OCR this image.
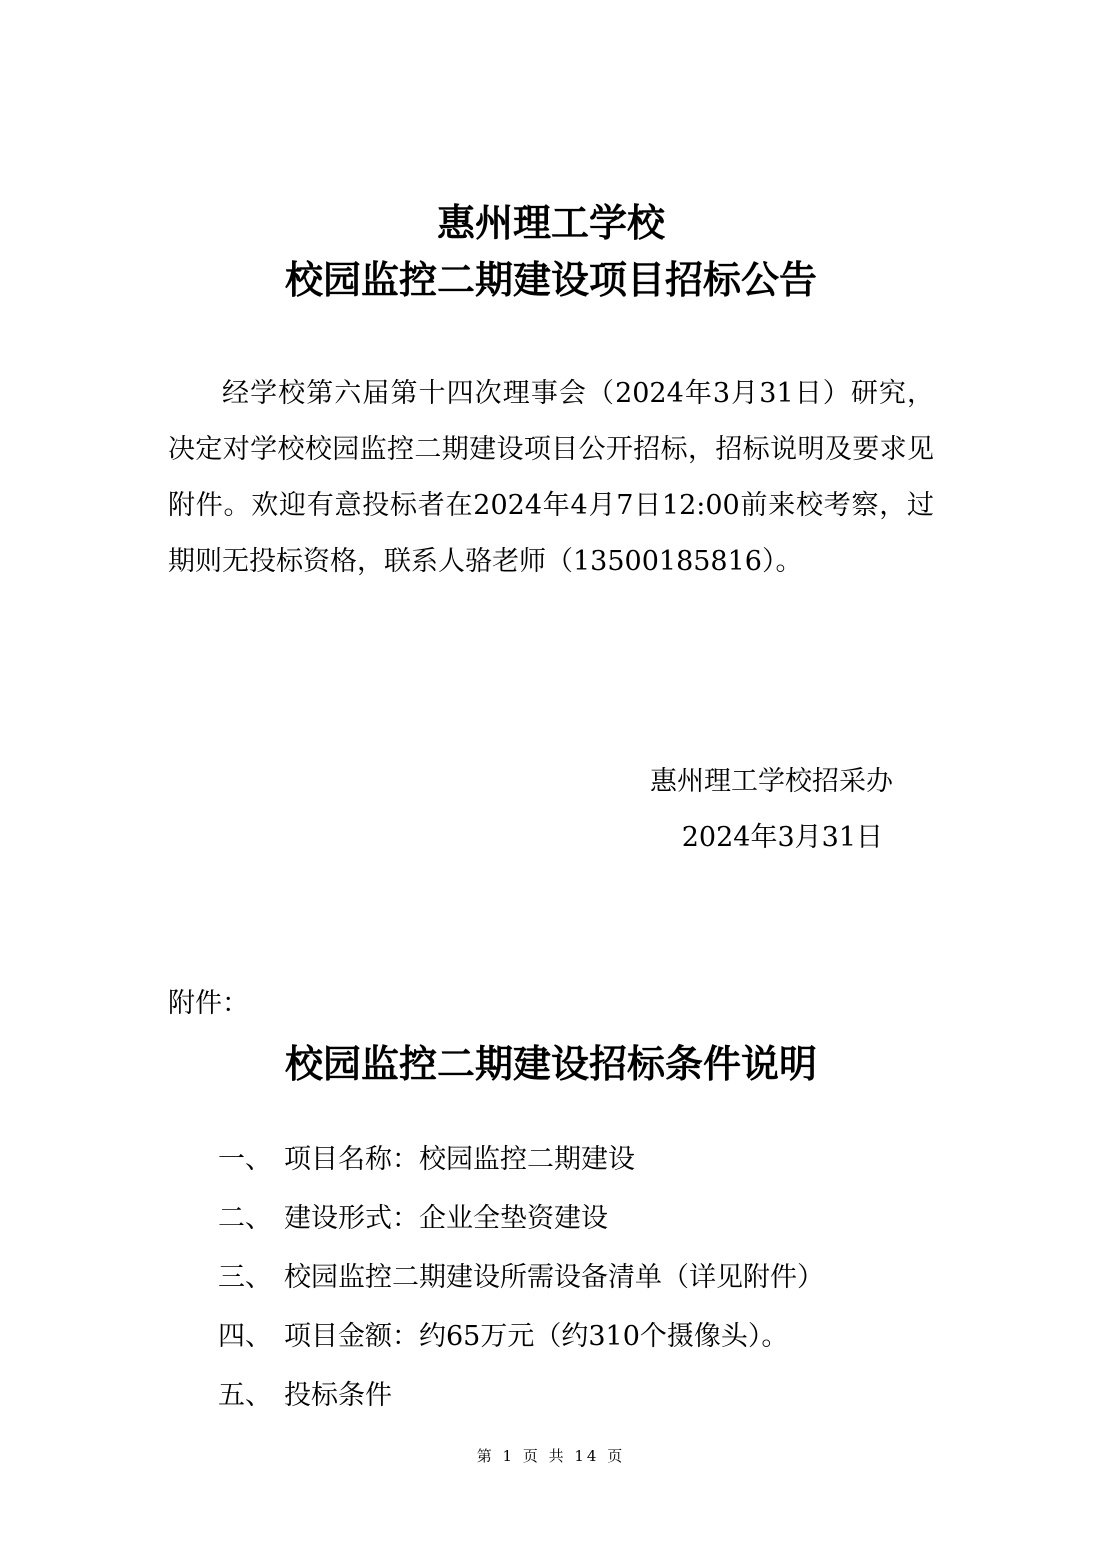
惠州理工学校
校园监控二期建设项目招标公告

经学校第六届第十四次理事会（2024年3月31日）研究，决定对学校校园监控二期建设项目公开招标，招标说明及要求见附件。欢迎有意投标者在2024年4月7日12:00前来校考察，过期则无投标资格，联系人骆老师（13500185816）。

惠州理工学校招采办
2024年3月31日
附件：
校园监控二期建设招标条件说明
一、 项目名称：校园监控二期建设
二、 建设形式：企业全垫资建设
三、 校园监控二期建设所需设备清单（详见附件）
四、 项目金额：约65万元（约310个摄像头）。
五、 投标条件
第 1 页 共 14 页
